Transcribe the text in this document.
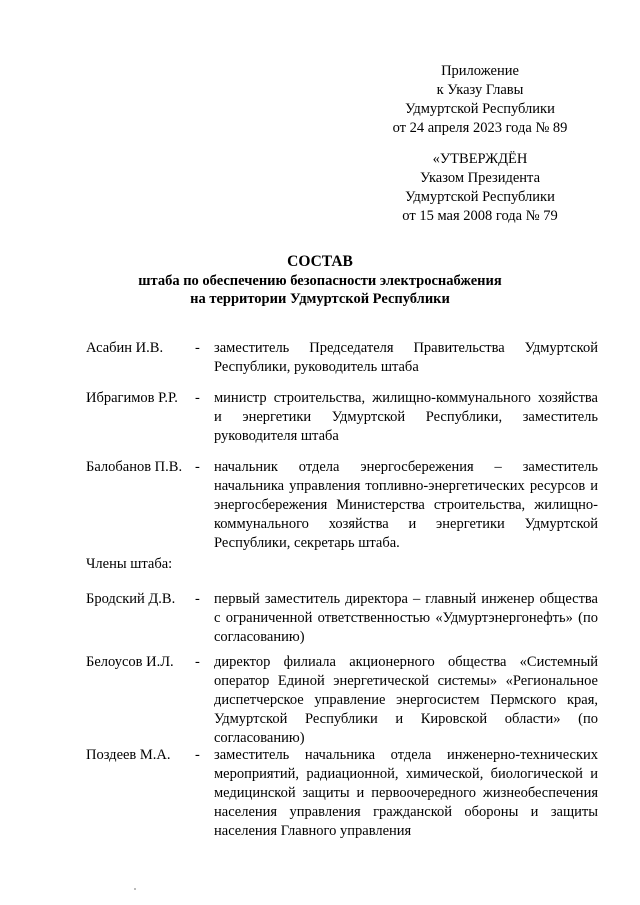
Приложение
к Указу Главы
Удмуртской Республики
от 24 апреля 2023 года № 89
«УТВЕРЖДЁН
Указом Президента
Удмуртской Республики
от 15 мая 2008 года № 79
СОСТАВ
штаба по обеспечению безопасности электроснабжения
на территории Удмуртской Республики
Асабин И.В. - заместитель Председателя Правительства Удмуртской Республики, руководитель штаба
Ибрагимов Р.Р. - министр строительства, жилищно-коммунального хозяйства и энергетики Удмуртской Республики, заместитель руководителя штаба
Балобанов П.В. - начальник отдела энергосбережения – заместитель начальника управления топливно-энергетических ресурсов и энергосбережения Министерства строительства, жилищно-коммунального хозяйства и энергетики Удмуртской Республики, секретарь штаба.
Члены штаба:
Бродский Д.В. - первый заместитель директора – главный инженер общества с ограниченной ответственностью «Удмуртэнергонефть» (по согласованию)
Белоусов И.Л. - директор филиала акционерного общества «Системный оператор Единой энергетической системы» «Региональное диспетчерское управление энергосистем Пермского края, Удмуртской Республики и Кировской области» (по согласованию)
Поздеев М.А. - заместитель начальника отдела инженерно-технических мероприятий, радиационной, химической, биологической и медицинской защиты и первоочередного жизнеобеспечения населения управления гражданской обороны и защиты населения Главного управления
